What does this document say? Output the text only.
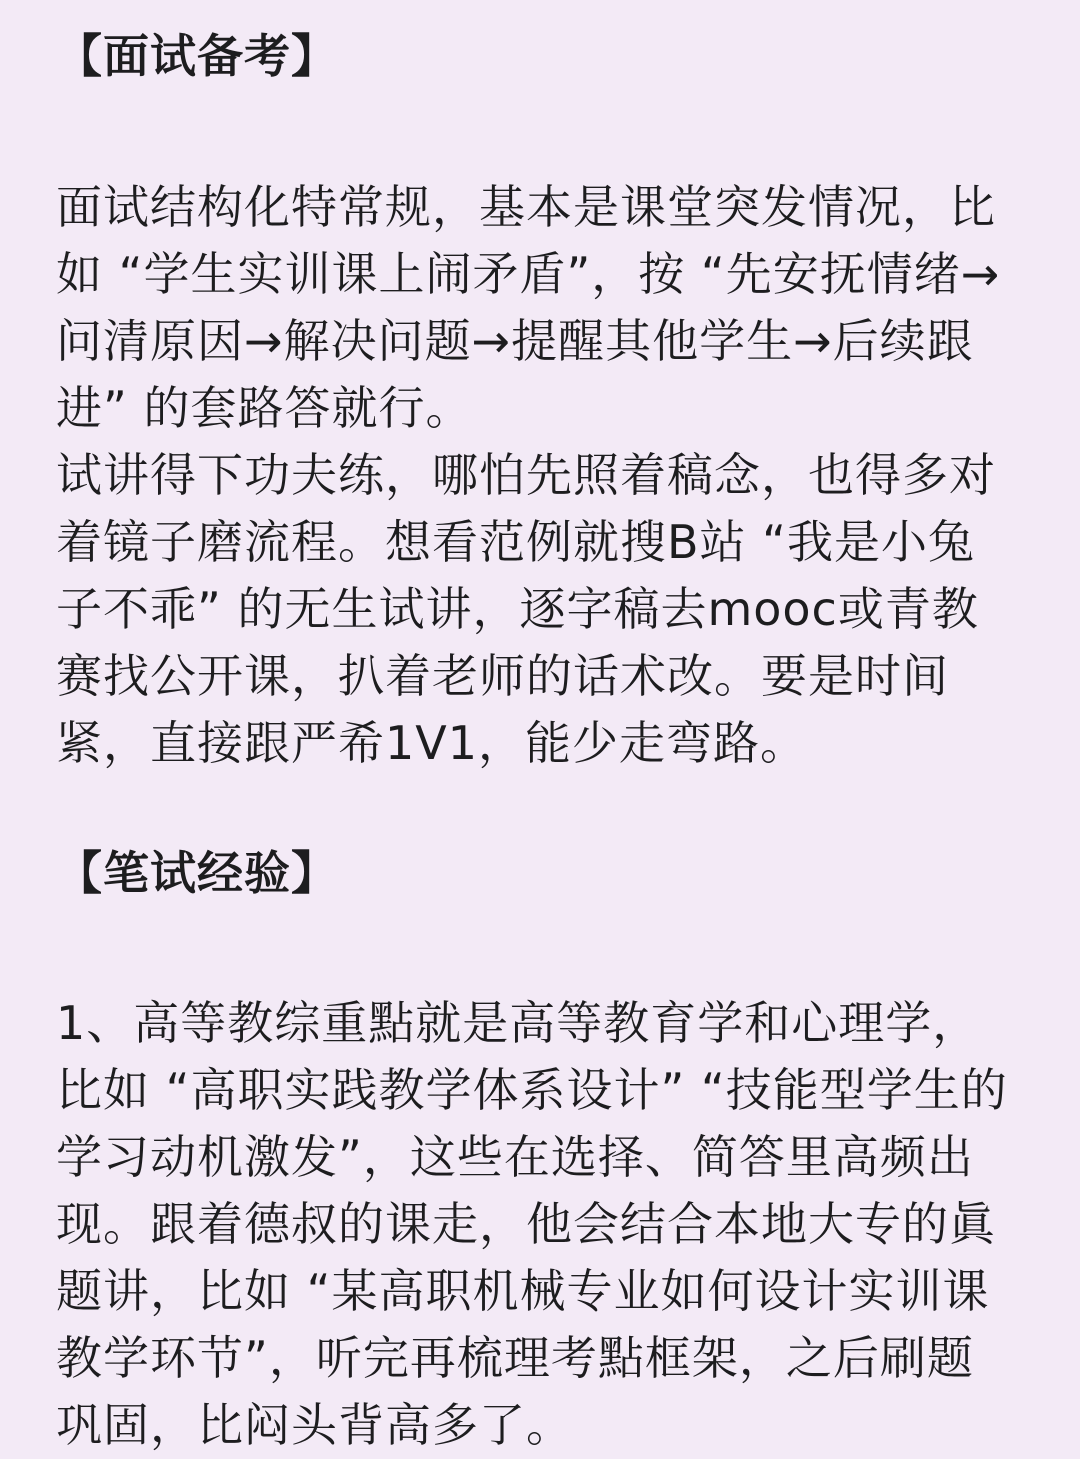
【面试备考】

面试结构化特常规，基本是课堂突发情况，比如 “学生实训课上闹矛盾”，按 “先安抚情绪→问清原因→解决问题→提醒其他学生→后续跟进” 的套路答就行。

试讲得下功夫练，哪怕先照着稿念，也得多对着镜子磨流程。想看范例就搜B站 “我是小兔子不乖” 的无生试讲，逐字稿去mooc或青教赛找公开课，扒着老师的话术改。要是时间紧，直接跟严希1V1，能少走弯路。

【笔试经验】

1、高等教综重點就是高等教育学和心理学，比如 “高职实践教学体系设计” “技能型学生的学习动机激发”，这些在选择、简答里高频出现。跟着德叔的课走，他会结合本地大专的眞题讲，比如 “某高职机械专业如何设计实训课教学环节”，听完再梳理考點框架，之后刷题巩固，比闷头背高多了。
